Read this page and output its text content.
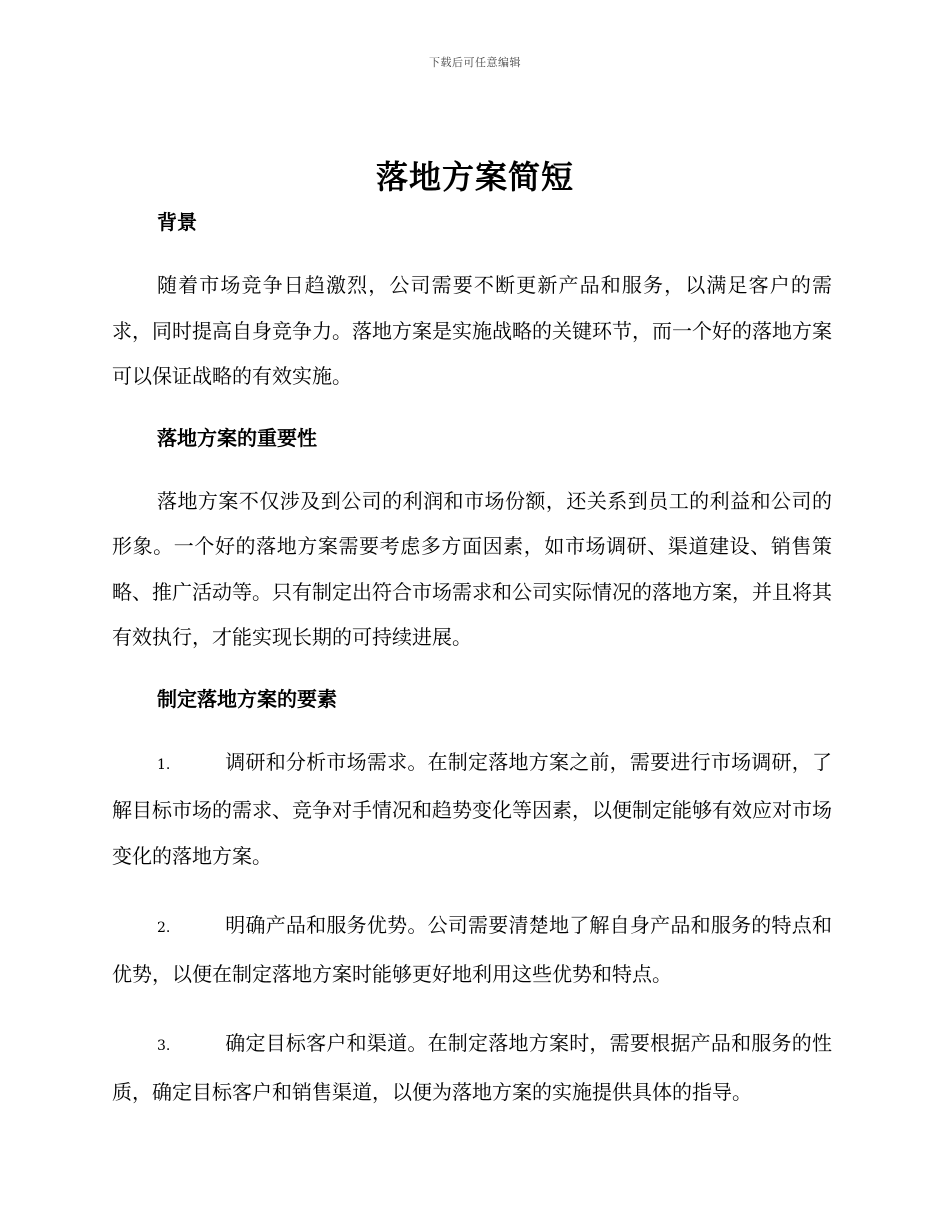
下载后可任意编辑
落地方案简短
背景

随着市场竞争日趋激烈，公司需要不断更新产品和服务，以满足客户的需求，同时提高自身竞争力。落地方案是实施战略的关键环节，而一个好的落地方案可以保证战略的有效实施。

落地方案的重要性

落地方案不仅涉及到公司的利润和市场份额，还关系到员工的利益和公司的形象。一个好的落地方案需要考虑多方面因素，如市场调研、渠道建设、销售策略、推广活动等。只有制定出符合市场需求和公司实际情况的落地方案，并且将其有效执行，才能实现长期的可持续进展。

制定落地方案的要素

1.	调研和分析市场需求。在制定落地方案之前，需要进行市场调研，了解目标市场的需求、竞争对手情况和趋势变化等因素，以便制定能够有效应对市场变化的落地方案。

2.	明确产品和服务优势。公司需要清楚地了解自身产品和服务的特点和优势，以便在制定落地方案时能够更好地利用这些优势和特点。

3.	确定目标客户和渠道。在制定落地方案时，需要根据产品和服务的性质，确定目标客户和销售渠道，以便为落地方案的实施提供具体的指导。
